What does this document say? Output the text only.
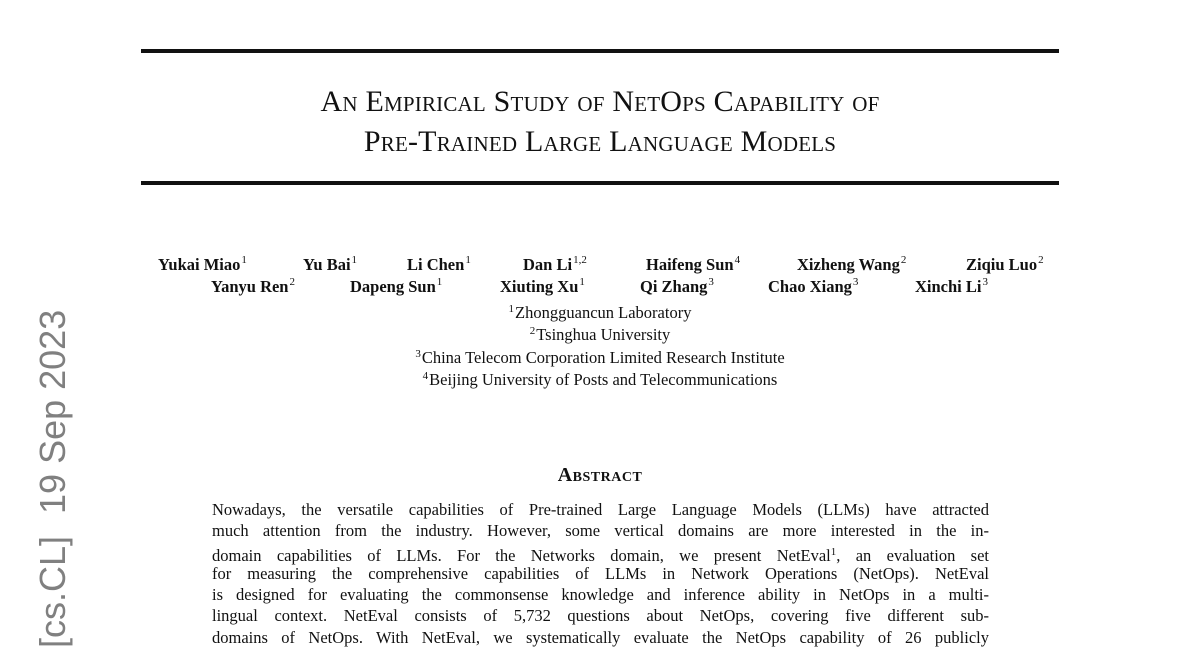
An Empirical Study of NetOps Capability of
Pre-Trained Large Language Models
Yukai Miao$^1$	Yu Bai$^1$	Li Chen$^1$	Dan Li$^{1,2}$	Haifeng Sun$^4$	Xizheng Wang$^2$	Ziqiu Luo$^2$
Yanyu Ren$^2$	Dapeng Sun$^1$	Xiuting Xu$^1$	Qi Zhang$^3$	Chao Xiang$^3$	Xinchi Li$^3$
$^1$Zhongguancun Laboratory
$^2$Tsinghua University
$^3$China Telecom Corporation Limited Research Institute
$^4$Beijing University of Posts and Telecommunications
Abstract
Nowadays, the versatile capabilities of Pre-trained Large Language Models (LLMs) have attracted
much attention from the industry. However, some vertical domains are more interested in the in-
domain capabilities of LLMs. For the Networks domain, we present NetEval$^1$, an evaluation set
for measuring the comprehensive capabilities of LLMs in Network Operations (NetOps). NetEval
is designed for evaluating the commonsense knowledge and inference ability in NetOps in a multi-
lingual context. NetEval consists of 5,732 questions about NetOps, covering five different sub-
domains of NetOps. With NetEval, we systematically evaluate the NetOps capability of 26 publicly
[cs.CL]19 Sep 2023
